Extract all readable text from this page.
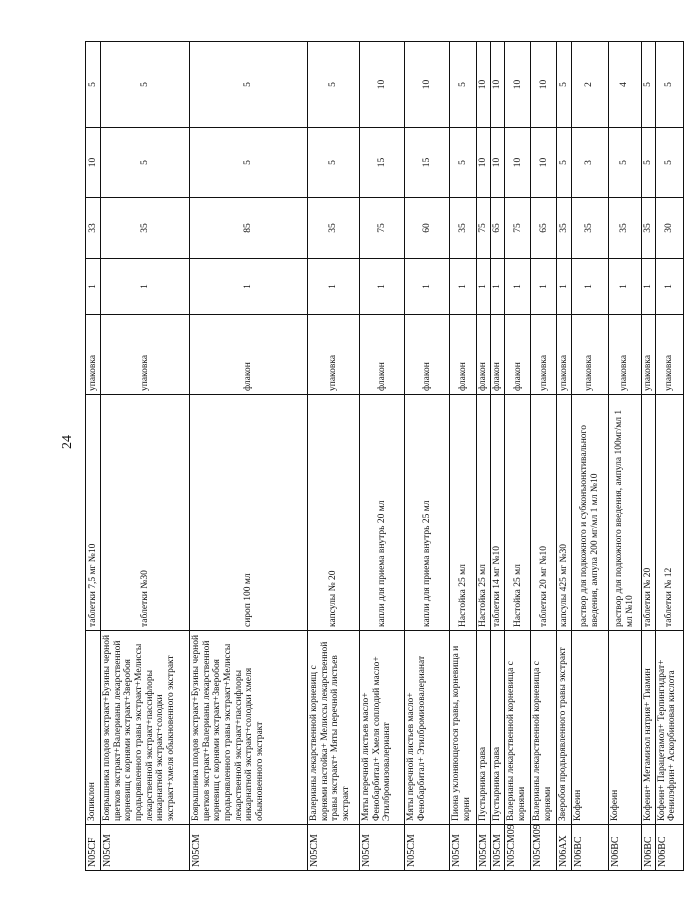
24
N05CF	Зопиклон	таблетки 7,5 мг №10	упаковка	1	33	10	5
N05CM	Боярышника плодов экстракт+Бузины черной цветков экстракт+Валерианы лекарственной корневищ с корнями экстракт+Зверобоя продырявленного травы экстракт+Мелиссы лекарственной экстракт+пассифлоры инкарнатной экстракт+солодки экстракт+хмеля обыкновенного экстракт	таблетки №30	упаковка	1	35	5	5
N05CM	Боярышника плодов экстракт+Бузины черной цветков экстракт+Валерианы лекарственной корневищ с корнями экстракт+Зверобоя продырявленного травы экстракт+Мелиссы лекарственной экстракт+пассифлоры инкарнатной экстракт+солодки хмеля обыкновенного экстракт	сироп 100 мл	флакон	1	85	5	5
N05CM	Валерианы лекарственной корневищ с корнями настойка+ Мелиссы лекарственной травы экстракт+ Мяты перечной листьев экстракт	капсулы № 20	упаковка	1	35	5	5
N05CM	Мяты перечной листьев масло+ Фенобарбитал+ Хмеля соплодий масло+ Этилбромизовалерианат	капли для приема внутрь 20 мл	флакон	1	75	15	10
N05CM	Мяты перечной листьев масло+ Фенобарбитал+ Этилбромизовалерианат	капли для приема внутрь 25 мл	флакон	1	60	15	10
N05CM	Пиона уклоняющегося травы, корневища и корни	Настойка 25 мл	флакон	1	35	5	5
N05CM	Пустырника трава	Настойка 25 мл	флакон	1	75	10	10
N05CM	Пустырника трава	таблетки 14 мг №10	флакон	1	65	10	10
N05CM09	Валерианы лекарственной корневища с корнями	Настойка 25 мл	флакон	1	75	10	10
N05CM09	Валерианы лекарственной корневища с корнями	таблетки 20 мг №10	упаковка	1	65	10	10
N06AX	Зверобоя продырявленного травы экстракт	капсулы 425 мг №30	упаковка	1	35	5	5
N06BC	Кофеин	раствор для подкожного и субконъюнктивального введения, ампула 200 мг/мл 1 мл №10	упаковка	1	35	3	2
N06BC	Кофеин	раствор для подкожного введения, ампула 100мг/мл 1 мл №10	упаковка	1	35	5	4
N06BC	Кофеин+ Метамизол натрия+ Тиамин	таблетки № 20	упаковка	1	35	5	5
N06BC	Кофеин+ Парацетамол+ Терпингидрат+ Фенилэфрин+ Аскорбиновая кислота	таблетки № 12	упаковка	1	30	5	5
